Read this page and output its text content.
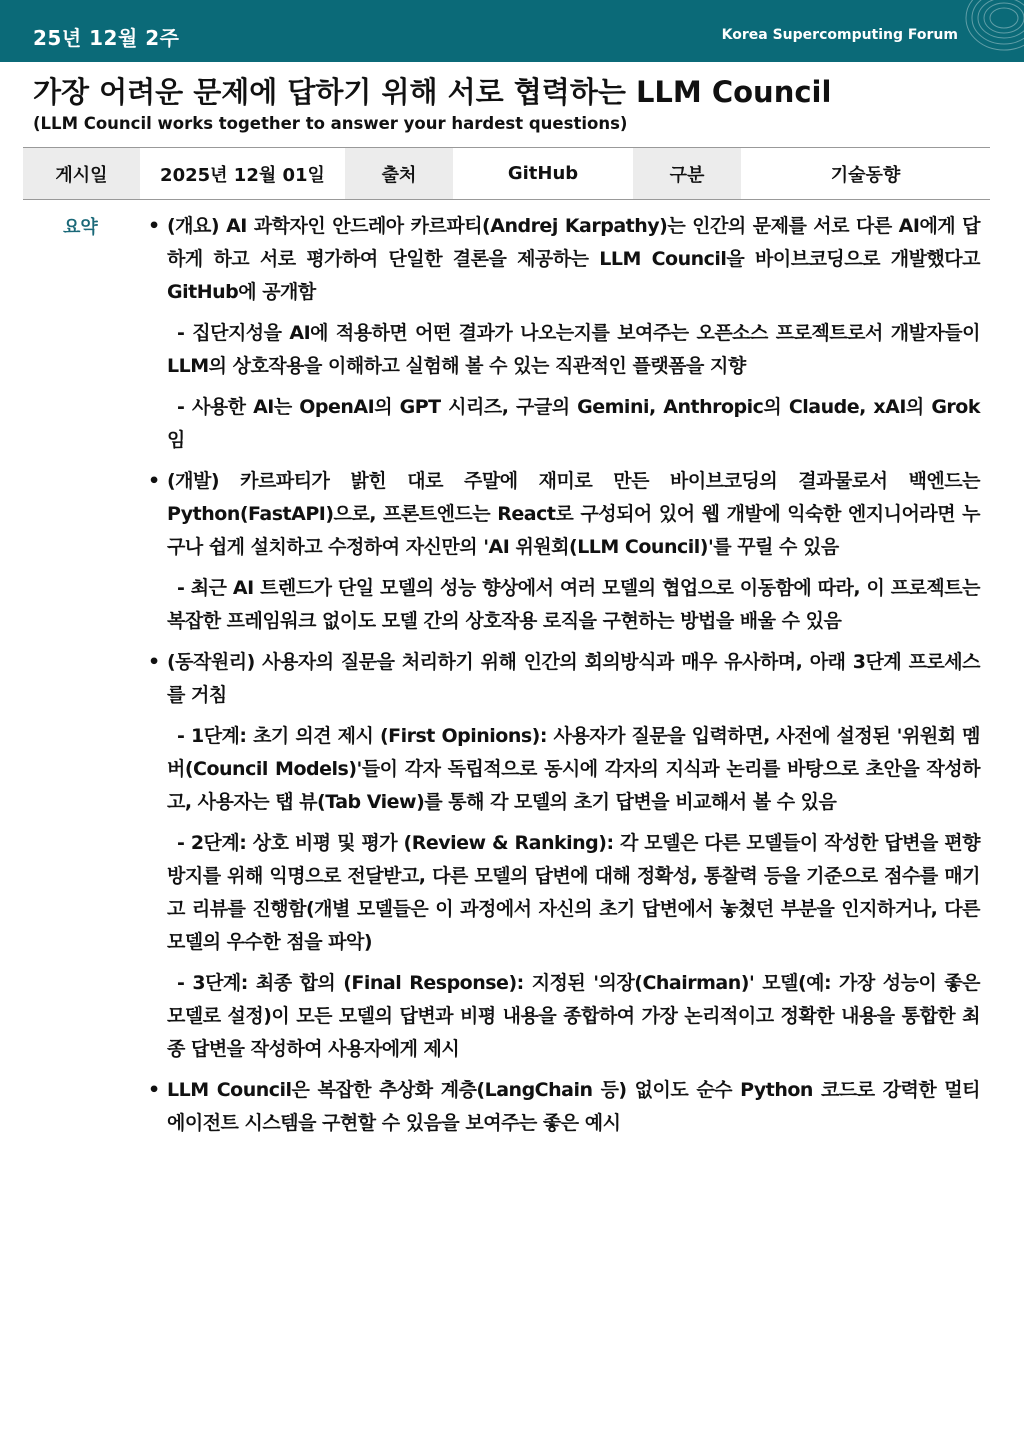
25년 12월 2주	Korea Supercomputing Forum
가장 어려운 문제에 답하기 위해 서로 협력하는 LLM Council
(LLM Council works together to answer your hardest questions)
게시일	2025년 12월 01일	출처	GitHub	구분	기술동향
요약

•	(개요) AI 과학자인 안드레아 카르파티(Andrej Karpathy)는 인간의 문제를 서로 다른 AI에게 답하게 하고 서로 평가하여 단일한 결론을 제공하는 LLM Council을 바이브코딩으로 개발했다고 GitHub에 공개함

- 집단지성을 AI에 적용하면 어떤 결과가 나오는지를 보여주는 오픈소스 프로젝트로서 개발자들이 LLM의 상호작용을 이해하고 실험해 볼 수 있는 직관적인 플랫폼을 지향

- 사용한 AI는 OpenAI의 GPT 시리즈, 구글의 Gemini, Anthropic의 Claude, xAI의 Grok임

• (개발) 카르파티가 밝힌 대로 주말에 재미로 만든 바이브코딩의 결과물로서 백엔드는 Python(FastAPI)으로, 프론트엔드는 React로 구성되어 있어 웹 개발에 익숙한 엔지니어라면 누구나 쉽게 설치하고 수정하여 자신만의 'AI 위원회(LLM Council)'를 꾸릴 수 있음

- 최근 AI 트렌드가 단일 모델의 성능 향상에서 여러 모델의 협업으로 이동함에 따라, 이 프로젝트는 복잡한 프레임워크 없이도 모델 간의 상호작용 로직을 구현하는 방법을 배울 수 있음

• (동작원리) 사용자의 질문을 처리하기 위해 인간의 회의방식과 매우 유사하며, 아래 3단계 프로세스를 거침

- 1단계: 초기 의견 제시 (First Opinions): 사용자가 질문을 입력하면, 사전에 설정된 '위원회 멤버(Council Models)'들이 각자 독립적으로 동시에 각자의 지식과 논리를 바탕으로 초안을 작성하고, 사용자는 탭 뷰(Tab View)를 통해 각 모델의 초기 답변을 비교해서 볼 수 있음

- 2단계: 상호 비평 및 평가 (Review & Ranking): 각 모델은 다른 모델들이 작성한 답변을 편향방지를 위해 익명으로 전달받고, 다른 모델의 답변에 대해 정확성, 통찰력 등을 기준으로 점수를 매기고 리뷰를 진행함(개별 모델들은 이 과정에서 자신의 초기 답변에서 놓쳤던 부분을 인지하거나, 다른 모델의 우수한 점을 파악)

- 3단계: 최종 합의 (Final Response): 지정된 '의장(Chairman)' 모델(예: 가장 성능이 좋은 모델로 설정)이 모든 모델의 답변과 비평 내용을 종합하여 가장 논리적이고 정확한 내용을 통합한 최종 답변을 작성하여 사용자에게 제시

• LLM Council은 복잡한 추상화 계층(LangChain 등) 없이도 순수 Python 코드로 강력한 멀티 에이전트 시스템을 구현할 수 있음을 보여주는 좋은 예시
